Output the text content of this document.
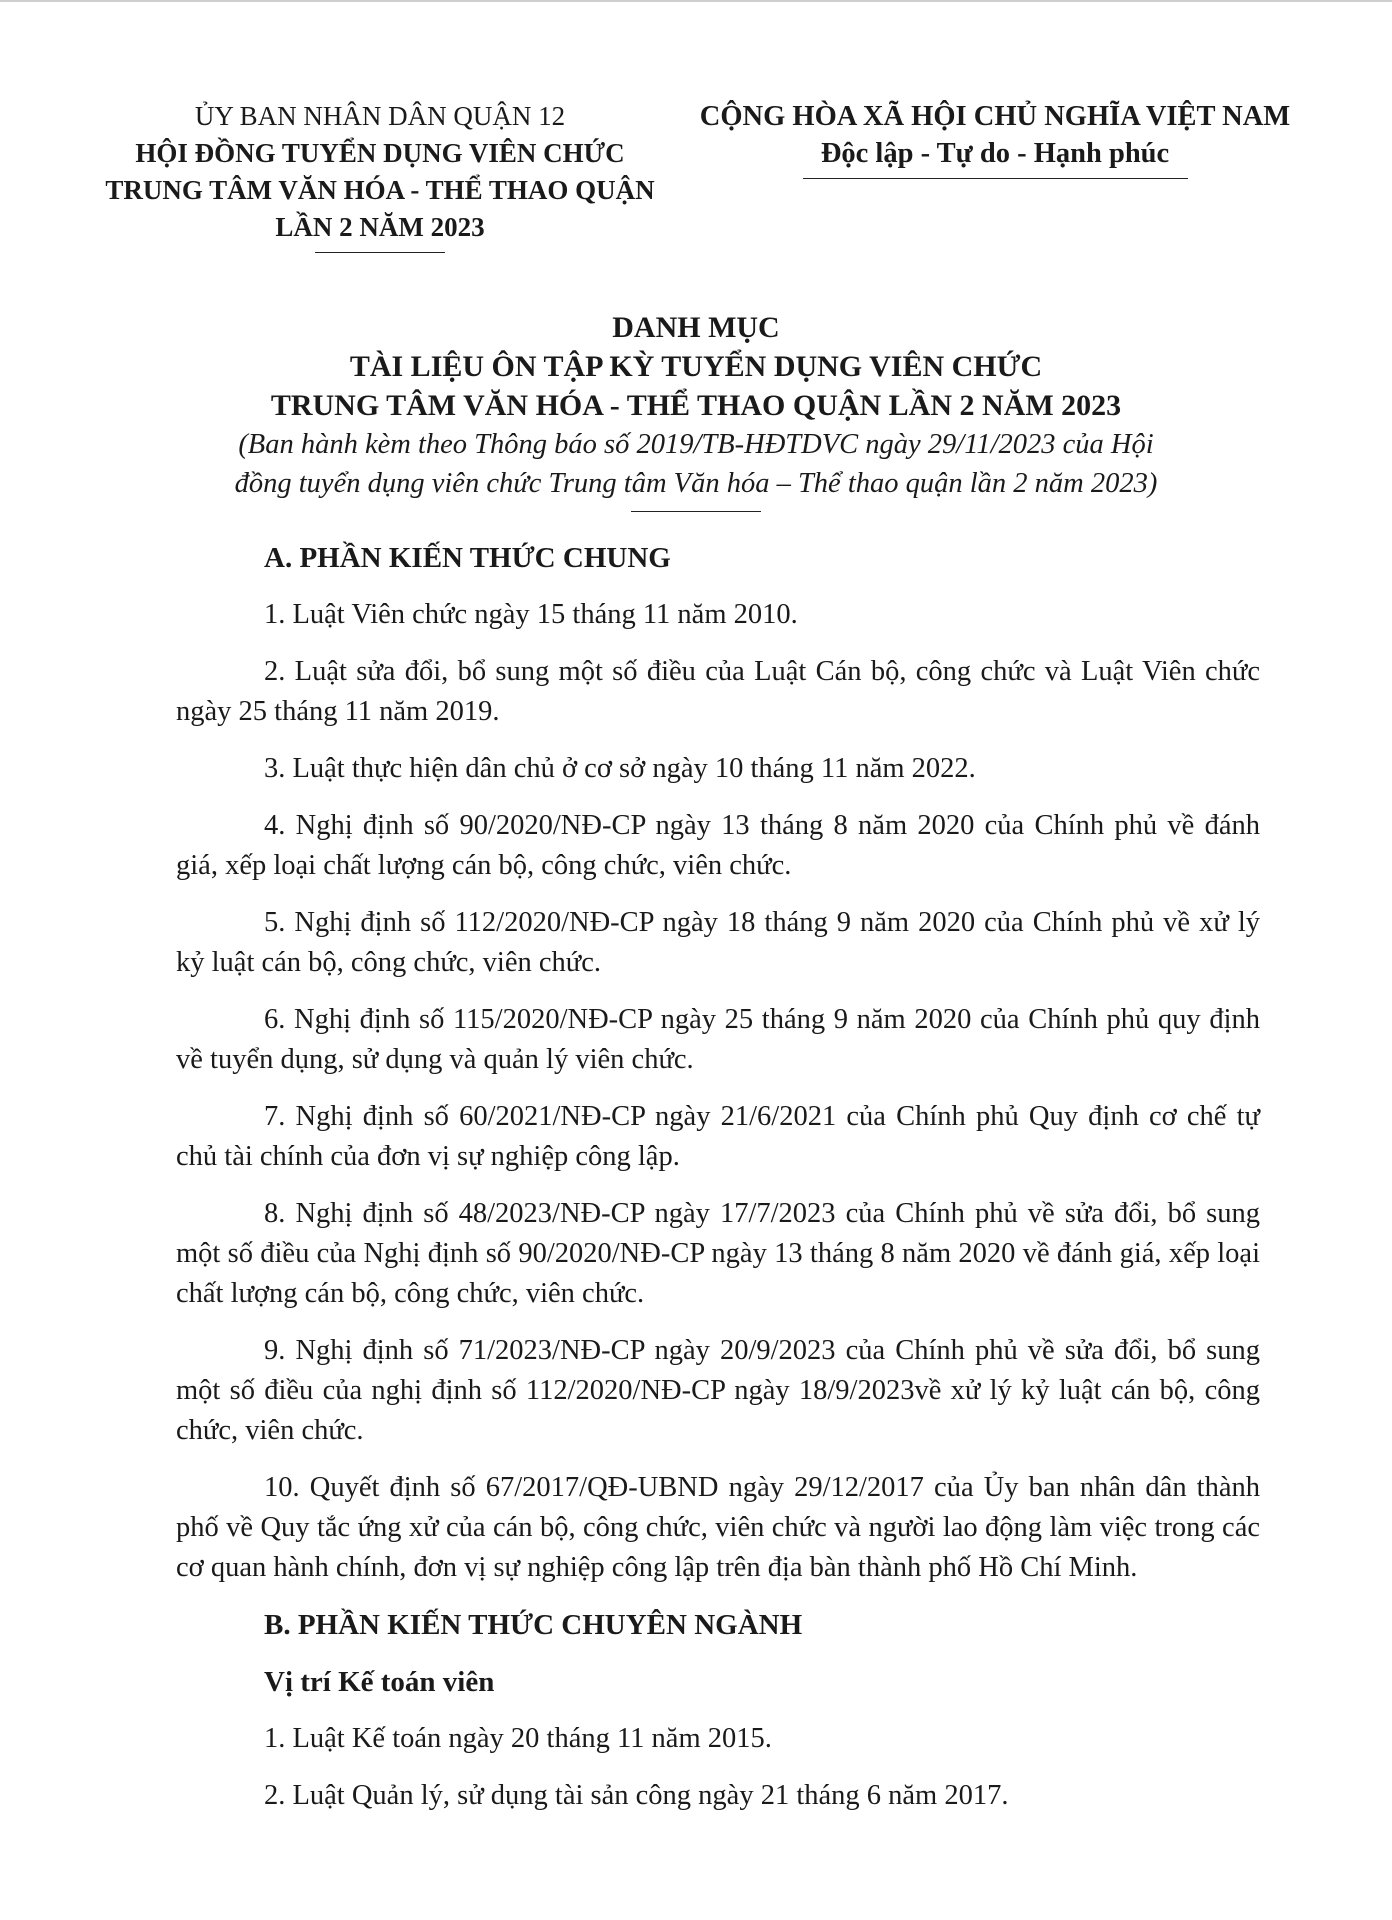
ỦY BAN NHÂN DÂN QUẬN 12
HỘI ĐỒNG TUYỂN DỤNG VIÊN CHỨC
TRUNG TÂM VĂN HÓA - THỂ THAO QUẬN
LẦN 2 NĂM 2023
CỘNG HÒA XÃ HỘI CHỦ NGHĨA VIỆT NAM
Độc lập - Tự do - Hạnh phúc
DANH MỤC
TÀI LIỆU ÔN TẬP KỲ TUYỂN DỤNG VIÊN CHỨC
TRUNG TÂM VĂN HÓA - THỂ THAO QUẬN LẦN 2 NĂM 2023
(Ban hành kèm theo Thông báo số 2019/TB-HĐTDVC ngày 29/11/2023 của Hội
đồng tuyển dụng viên chức Trung tâm Văn hóa – Thể thao quận lần 2 năm 2023)
A. PHẦN KIẾN THỨC CHUNG
1. Luật Viên chức ngày 15 tháng 11 năm 2010.
2. Luật sửa đổi, bổ sung một số điều của Luật Cán bộ, công chức và Luật Viên chức ngày 25 tháng 11 năm 2019.
3. Luật thực hiện dân chủ ở cơ sở ngày 10 tháng 11 năm 2022.
4. Nghị định số 90/2020/NĐ-CP ngày 13 tháng 8 năm 2020 của Chính phủ về đánh giá, xếp loại chất lượng cán bộ, công chức, viên chức.
5. Nghị định số 112/2020/NĐ-CP ngày 18 tháng 9 năm 2020 của Chính phủ về xử lý kỷ luật cán bộ, công chức, viên chức.
6. Nghị định số 115/2020/NĐ-CP ngày 25 tháng 9 năm 2020 của Chính phủ quy định về tuyển dụng, sử dụng và quản lý viên chức.
7. Nghị định số 60/2021/NĐ-CP ngày 21/6/2021 của Chính phủ Quy định cơ chế tự chủ tài chính của đơn vị sự nghiệp công lập.
8. Nghị định số 48/2023/NĐ-CP ngày 17/7/2023 của Chính phủ về sửa đổi, bổ sung một số điều của Nghị định số 90/2020/NĐ-CP ngày 13 tháng 8 năm 2020 về đánh giá, xếp loại chất lượng cán bộ, công chức, viên chức.
9. Nghị định số 71/2023/NĐ-CP ngày 20/9/2023 của Chính phủ về sửa đổi, bổ sung một số điều của nghị định số 112/2020/NĐ-CP ngày 18/9/2023về xử lý kỷ luật cán bộ, công chức, viên chức.
10. Quyết định số 67/2017/QĐ-UBND ngày 29/12/2017 của Ủy ban nhân dân thành phố về Quy tắc ứng xử của cán bộ, công chức, viên chức và người lao động làm việc trong các cơ quan hành chính, đơn vị sự nghiệp công lập trên địa bàn thành phố Hồ Chí Minh.
B. PHẦN KIẾN THỨC CHUYÊN NGÀNH
Vị trí Kế toán viên
1. Luật Kế toán ngày 20 tháng 11 năm 2015.
2. Luật Quản lý, sử dụng tài sản công ngày 21 tháng 6 năm 2017.
